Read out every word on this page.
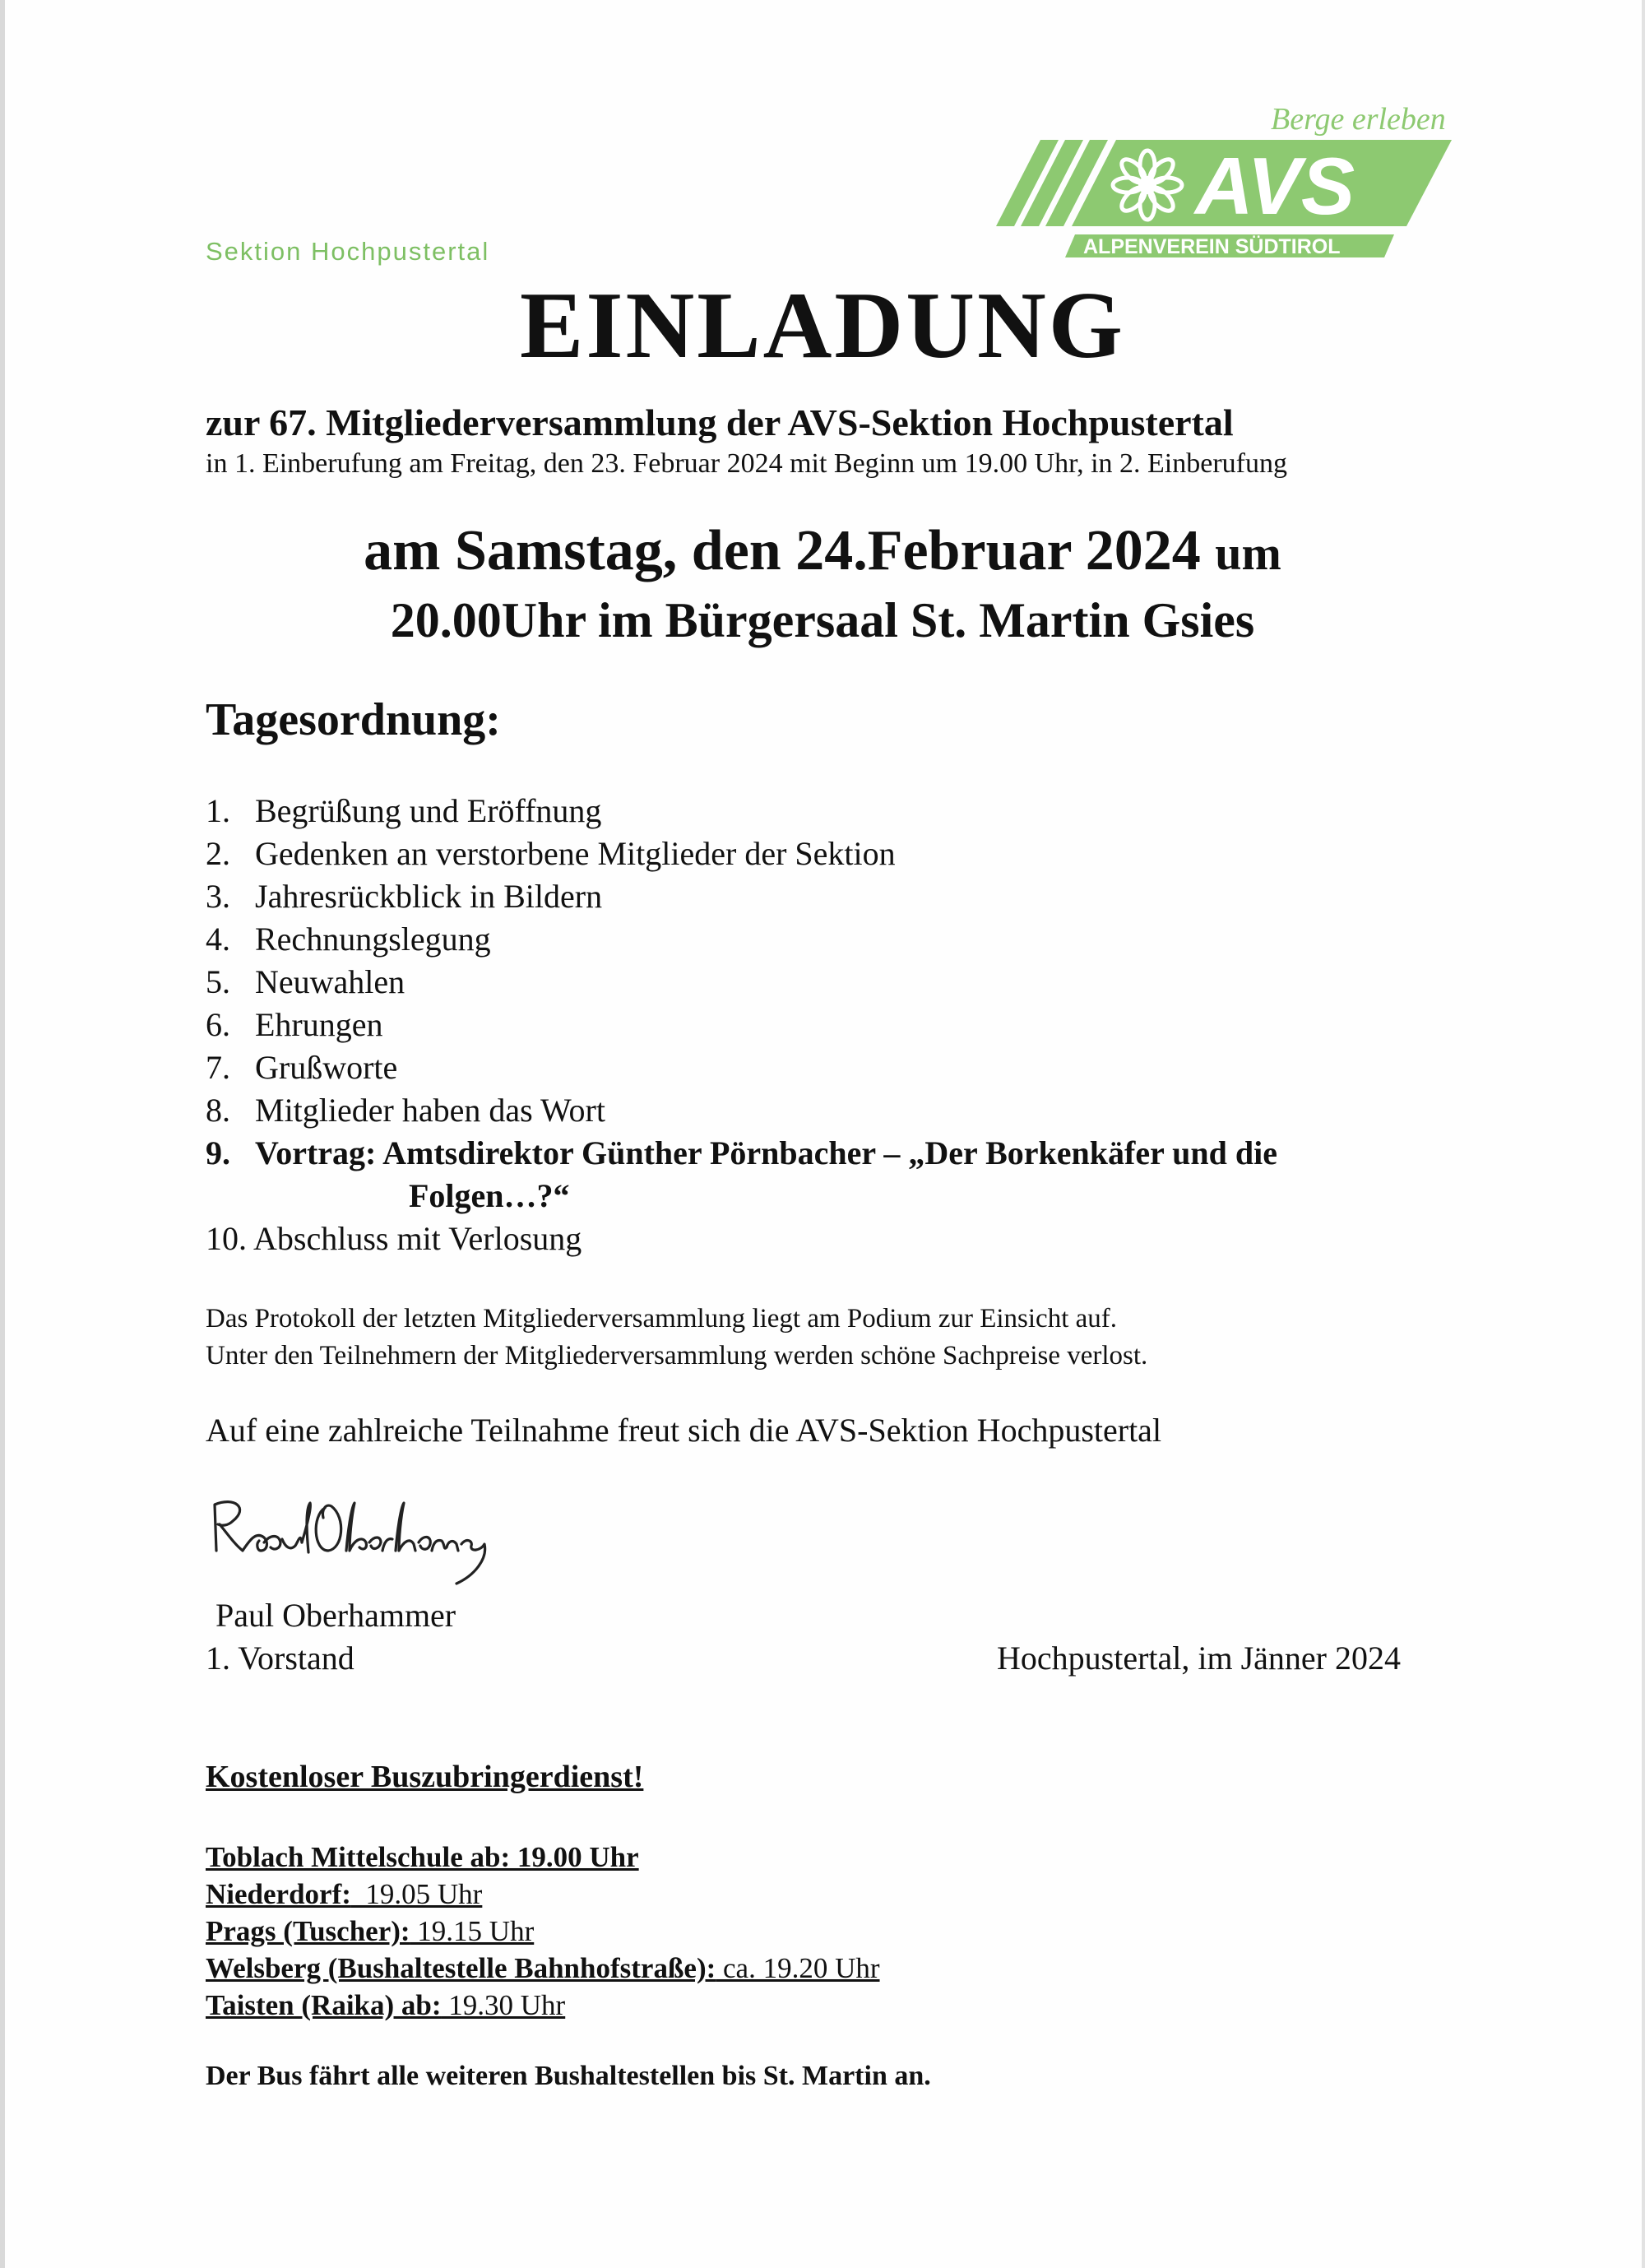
Sektion Hochpustertal
Berge erleben
AVS
ALPENVEREIN SÜDTIROL
EINLADUNG
zur 67. Mitgliederversammlung der AVS-Sektion Hochpustertal
in 1. Einberufung am Freitag, den 23. Februar 2024 mit Beginn um 19.00 Uhr, in 2. Einberufung
am Samstag, den 24.Februar 2024 um
20.00Uhr im Bürgersaal St. Martin Gsies
Tagesordnung:
1. Begrüßung und Eröffnung
2. Gedenken an verstorbene Mitglieder der Sektion
3. Jahresrückblick in Bildern
4. Rechnungslegung
5. Neuwahlen
6. Ehrungen
7. Grußworte
8. Mitglieder haben das Wort
9. Vortrag: Amtsdirektor Günther Pörnbacher – „Der Borkenkäfer und die
Folgen…?“
10. Abschluss mit Verlosung
Das Protokoll der letzten Mitgliederversammlung liegt am Podium zur Einsicht auf.
Unter den Teilnehmern der Mitgliederversammlung werden schöne Sachpreise verlost.
Auf eine zahlreiche Teilnahme freut sich die AVS-Sektion Hochpustertal
Paul Oberhammer
1. Vorstand	Hochpustertal, im Jänner 2024
Kostenloser Buszubringerdienst!
Toblach Mittelschule ab: 19.00 Uhr
Niederdorf:  19.05 Uhr
Prags (Tuscher): 19.15 Uhr
Welsberg (Bushaltestelle Bahnhofstraße): ca. 19.20 Uhr
Taisten (Raika) ab: 19.30 Uhr
Der Bus fährt alle weiteren Bushaltestellen bis St. Martin an.
